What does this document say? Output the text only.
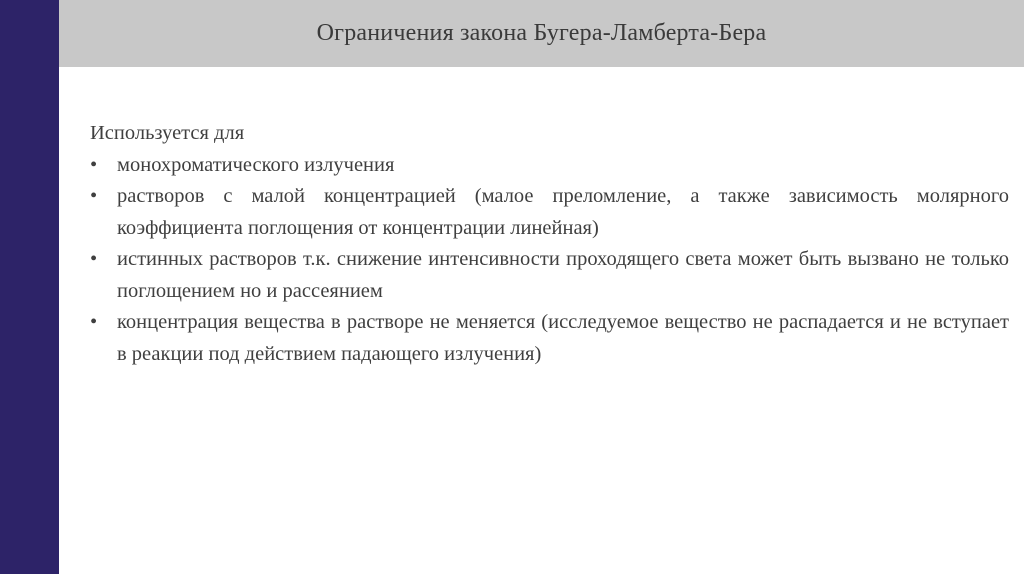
Ограничения закона Бугера-Ламберта-Бера

Используется для

• монохроматического излучения
• растворов с малой концентрацией (малое преломление, а также зависимость молярного коэффициента поглощения от концентрации линейная)
• истинных растворов т.к. снижение интенсивности проходящего света может быть вызвано не только поглощением но и рассеянием
• концентрация вещества в растворе не меняется (исследуемое вещество не распадается и не вступает в реакции под действием падающего излучения)
